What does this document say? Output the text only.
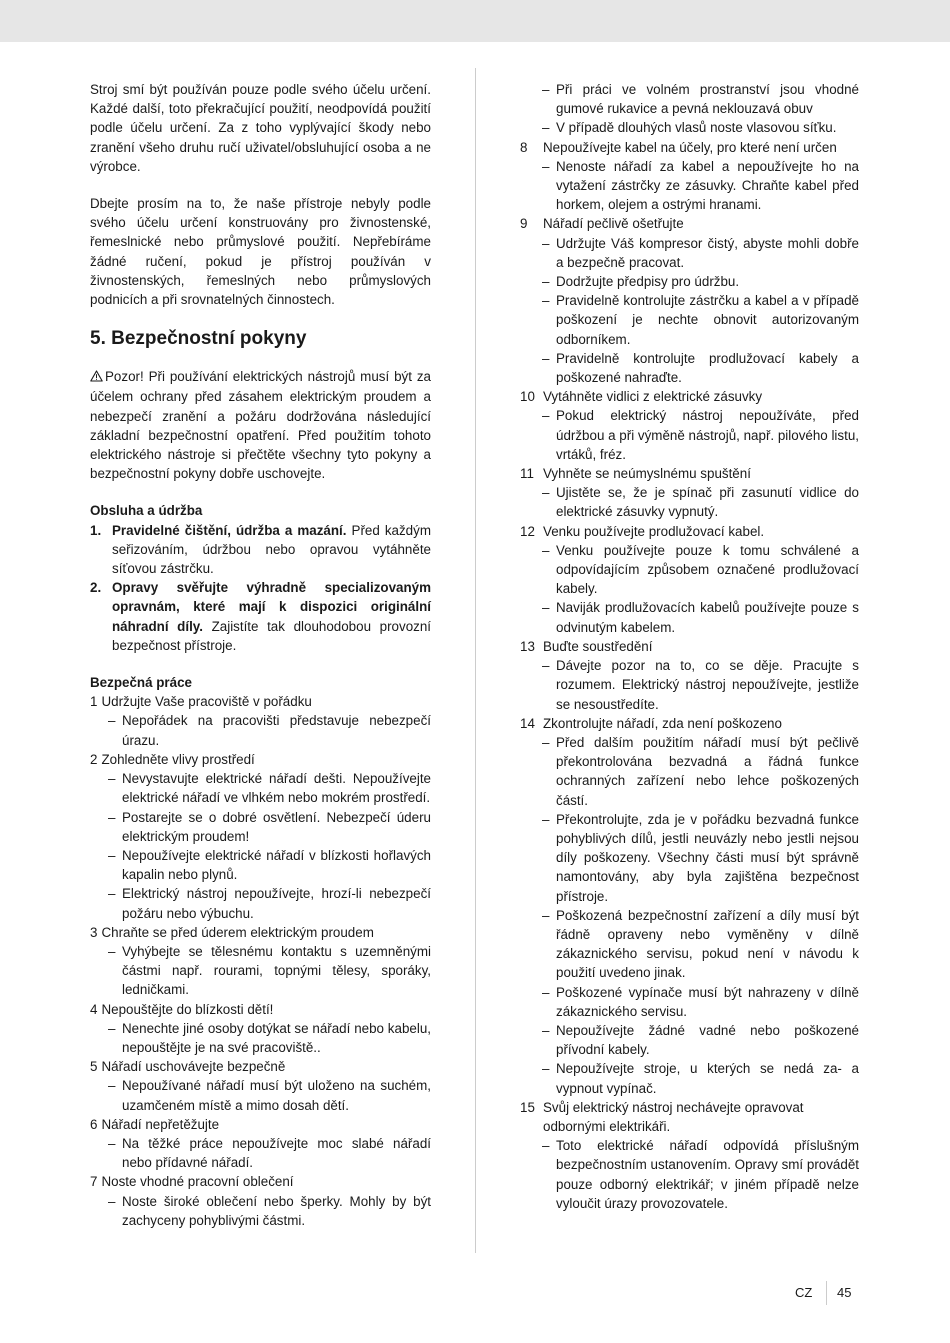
Stroj smí být používán pouze podle svého účelu určení. Každé další, toto překračující použití, neodpovídá použití podle účelu určení. Za z toho vyplývající škody nebo zranění všeho druhu ručí uživatel/obsluhující osoba a ne výrobce.

Dbejte prosím na to, že naše přístroje nebyly podle svého účelu určení konstruovány pro živnostenské, řemeslnické nebo průmyslové použití. Nepřebíráme žádné ručení, pokud je přístroj používán v živnostenských, řemeslných nebo průmyslových podnicích a při srovnatelných činnostech.

5. Bezpečnostní pokyny

Pozor! Při používání elektrických nástrojů musí být za účelem ochrany před zásahem elektrickým proudem a nebezpečí zranění a požáru dodržována následující základní bezpečnostní opatření. Před použitím tohoto elektrického nástroje si přečtěte všechny tyto pokyny a bezpečnostní pokyny dobře uschovejte.

Obsluha a údržba

1. Pravidelné čištění, údržba a mazání. Před každým seřizováním, údržbou nebo opravou vytáhněte síťovou zástrčku.
2. Opravy svěřujte výhradně specializovaným opravnám, které mají k dispozici originální náhradní díly. Zajistíte tak dlouhodobou provozní bezpečnost přístroje.

Bezpečná práce

1 Udržujte Vaše pracoviště v pořádku
– Nepořádek na pracovišti představuje nebezpečí úrazu.
2 Zohledněte vlivy prostředí
– Nevystavujte elektrické nářadí dešti. Nepoužívejte elektrické nářadí ve vlhkém nebo mokrém prostředí.
– Postarejte se o dobré osvětlení. Nebezpečí úderu elektrickým proudem!
– Nepoužívejte elektrické nářadí v blízkosti hořlavých kapalin nebo plynů.
– Elektrický nástroj nepoužívejte, hrozí-li nebezpečí požáru nebo výbuchu.
3 Chraňte se před úderem elektrickým proudem
– Vyhýbejte se tělesnému kontaktu s uzemněnými částmi např. rourami, topnými tělesy, sporáky, ledničkami.
4 Nepouštějte do blízkosti dětí!
– Nenechte jiné osoby dotýkat se nářadí nebo kabelu, nepouštějte je na své pracoviště..
5 Nářadí uschovávejte bezpečně
– Nepoužívané nářadí musí být uloženo na suchém, uzamčeném místě a mimo dosah dětí.
6 Nářadí nepřetěžujte
– Na těžké práce nepoužívejte moc slabé nářadí nebo přídavné nářadí.
7 Noste vhodné pracovní oblečení
– Noste široké oblečení nebo šperky. Mohly by být zachyceny pohyblivými částmi.
– Při práci ve volném prostranství jsou vhodné gumové rukavice a pevná neklouzavá obuv
– V případě dlouhých vlasů noste vlasovou síťku.
8	Nepoužívejte kabel na účely, pro které není určen
– Nenoste nářadí za kabel a nepoužívejte ho na vytažení zástrčky ze zásuvky. Chraňte kabel před horkem, olejem a ostrými hranami.
9	Nářadí pečlivě ošetřujte
– Udržujte Váš kompresor čistý, abyste mohli dobře a bezpečně pracovat.
– Dodržujte předpisy pro údržbu.
– Pravidelně kontrolujte zástrčku a kabel a v případě poškození je nechte obnovit autorizovaným odborníkem.
– Pravidelně kontrolujte prodlužovací kabely a poškozené nahraďte.
10 Vytáhněte vidlici z elektrické zásuvky
– Pokud elektrický nástroj nepoužíváte, před údržbou a při výměně nástrojů, např. pilového listu, vrtáků, fréz.
11 Vyhněte se neúmyslnému spuštění
– Ujistěte se, že je spínač při zasunutí vidlice do elektrické zásuvky vypnutý.
12 Venku používejte prodlužovací kabel.
– Venku používejte pouze k tomu schválené a odpovídajícím způsobem označené prodlužovací kabely.
– Naviják prodlužovacích kabelů používejte pouze s odvinutým kabelem.
13 Buďte soustředění
– Dávejte pozor na to, co se děje. Pracujte s rozumem. Elektrický nástroj nepoužívejte, jestliže se nesoustředíte.
14 Zkontrolujte nářadí, zda není poškozeno
– Před dalším použitím nářadí musí být pečlivě překontrolována bezvadná a řádná funkce ochranných zařízení nebo lehce poškozených částí.
– Překontrolujte, zda je v pořádku bezvadná funkce pohyblivých dílů, jestli neuvázly nebo jestli nejsou díly poškozeny. Všechny části musí být správně namontovány, aby byla zajištěna bezpečnost přístroje.
– Poškozená bezpečnostní zařízení a díly musí být řádně opraveny nebo vyměněny v dílně zákaznického servisu, pokud není v návodu k použití uvedeno jinak.
– Poškozené vypínače musí být nahrazeny v dílně zákaznického servisu.
– Nepoužívejte žádné vadné nebo poškozené přívodní kabely.
– Nepoužívejte stroje, u kterých se nedá za- a vypnout vypínač.
15 Svůj elektrický nástroj nechávejte opravovat odbornými elektrikáři.
– Toto elektrické nářadí odpovídá příslušným bezpečnostním ustanovením. Opravy smí provádět pouze odborný elektrikář; v jiném případě nelze vyloučit úrazy provozovatele.
CZ 45
